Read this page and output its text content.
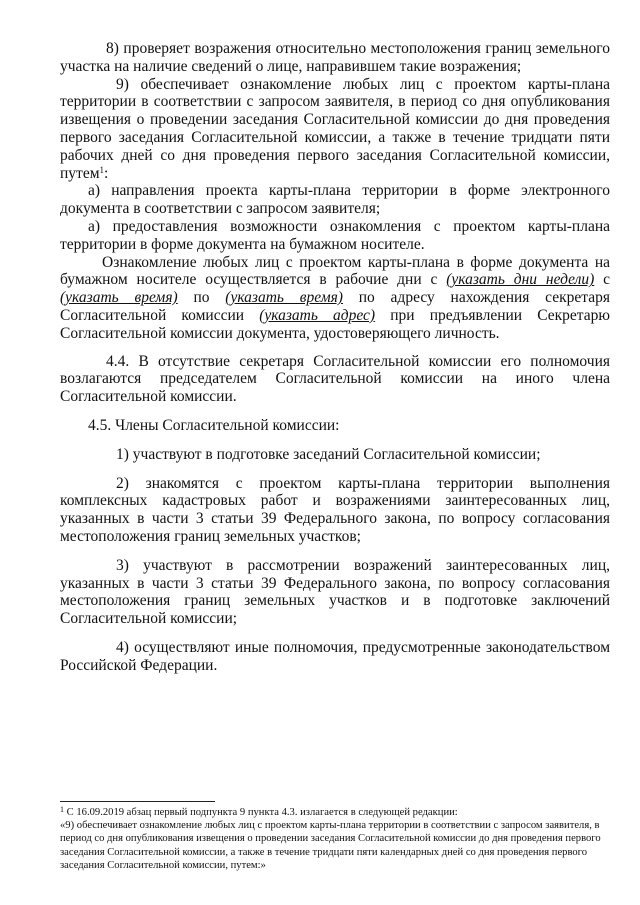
8) проверяет возражения относительно местоположения границ земельного участка на наличие сведений о лице, направившем такие возражения;

9) обеспечивает ознакомление любых лиц с проектом карты-плана территории в соответствии с запросом заявителя, в период со дня опубликования извещения о проведении заседания Согласительной комиссии до дня проведения первого заседания Согласительной комиссии, а также в течение тридцати пяти рабочих дней со дня проведения первого заседания Согласительной комиссии, путем$^1$:

а) направления проекта карты-плана территории в форме электронного документа в соответствии с запросом заявителя;

а) предоставления возможности ознакомления с проектом карты-плана территории в форме документа на бумажном носителе.

Ознакомление любых лиц с проектом карты-плана в форме документа на бумажном носителе осуществляется в рабочие дни с (указать дни недели) с (указать время) по (указать время) по адресу нахождения секретаря Согласительной комиссии (указать адрес) при предъявлении Секретарю Согласительной комиссии документа, удостоверяющего личность.

4.4. В отсутствие секретаря Согласительной комиссии его полномочия возлагаются председателем Согласительной комиссии на иного члена Согласительной комиссии.

4.5. Члены Согласительной комиссии:

1) участвуют в подготовке заседаний Согласительной комиссии;

2) знакомятся с проектом карты-плана территории выполнения комплексных кадастровых работ и возражениями заинтересованных лиц, указанных в части 3 статьи 39 Федерального закона, по вопросу согласования местоположения границ земельных участков;

3) участвуют в рассмотрении возражений заинтересованных лиц, указанных в части 3 статьи 39 Федерального закона, по вопросу согласования местоположения границ земельных участков и в подготовке заключений Согласительной комиссии;

4) осуществляют иные полномочия, предусмотренные законодательством Российской Федерации.

$^1$ С 16.09.2019 абзац первый подпункта 9 пункта 4.3. излагается в следующей редакции:

«9) обеспечивает ознакомление любых лиц с проектом карты-плана территории в соответствии с запросом заявителя, в период со дня опубликования извещения о проведении заседания Согласительной комиссии до дня проведения первого заседания Согласительной комиссии, а также в течение тридцати пяти календарных дней со дня проведения первого заседания Согласительной комиссии, путем:»
